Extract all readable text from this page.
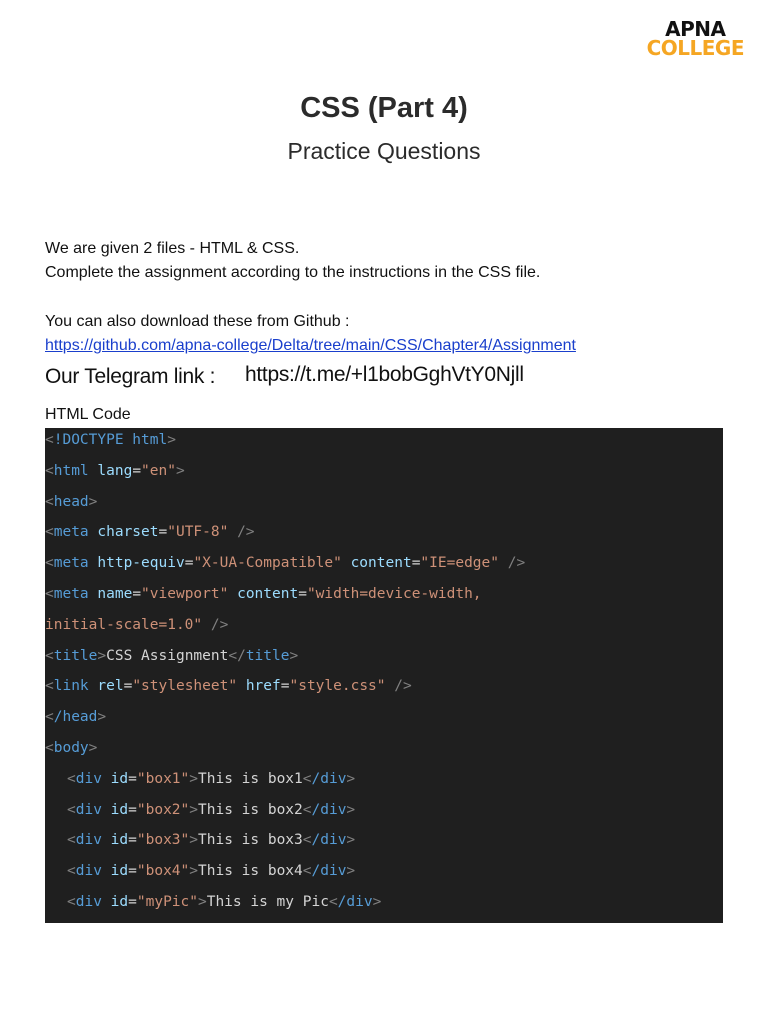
APNA
COLLEGE
CSS (Part 4)
Practice Questions
We are given 2 files - HTML & CSS.
Complete the assignment according to the instructions in the CSS file.
You can also download these from Github :
https://github.com/apna-college/Delta/tree/main/CSS/Chapter4/Assignment
Our Telegram link : https://t.me/+l1bobGghVtY0Njll
HTML Code
<!DOCTYPE html>
<html lang="en">
<head>
<meta charset="UTF-8" />
<meta http-equiv="X-UA-Compatible" content="IE=edge" />
<meta name="viewport" content="width=device-width,
initial-scale=1.0" />
<title>CSS Assignment</title>
<link rel="stylesheet" href="style.css" />
</head>
<body>
<div id="box1">This is box1</div>
<div id="box2">This is box2</div>
<div id="box3">This is box3</div>
<div id="box4">This is box4</div>
<div id="myPic">This is my Pic</div>
